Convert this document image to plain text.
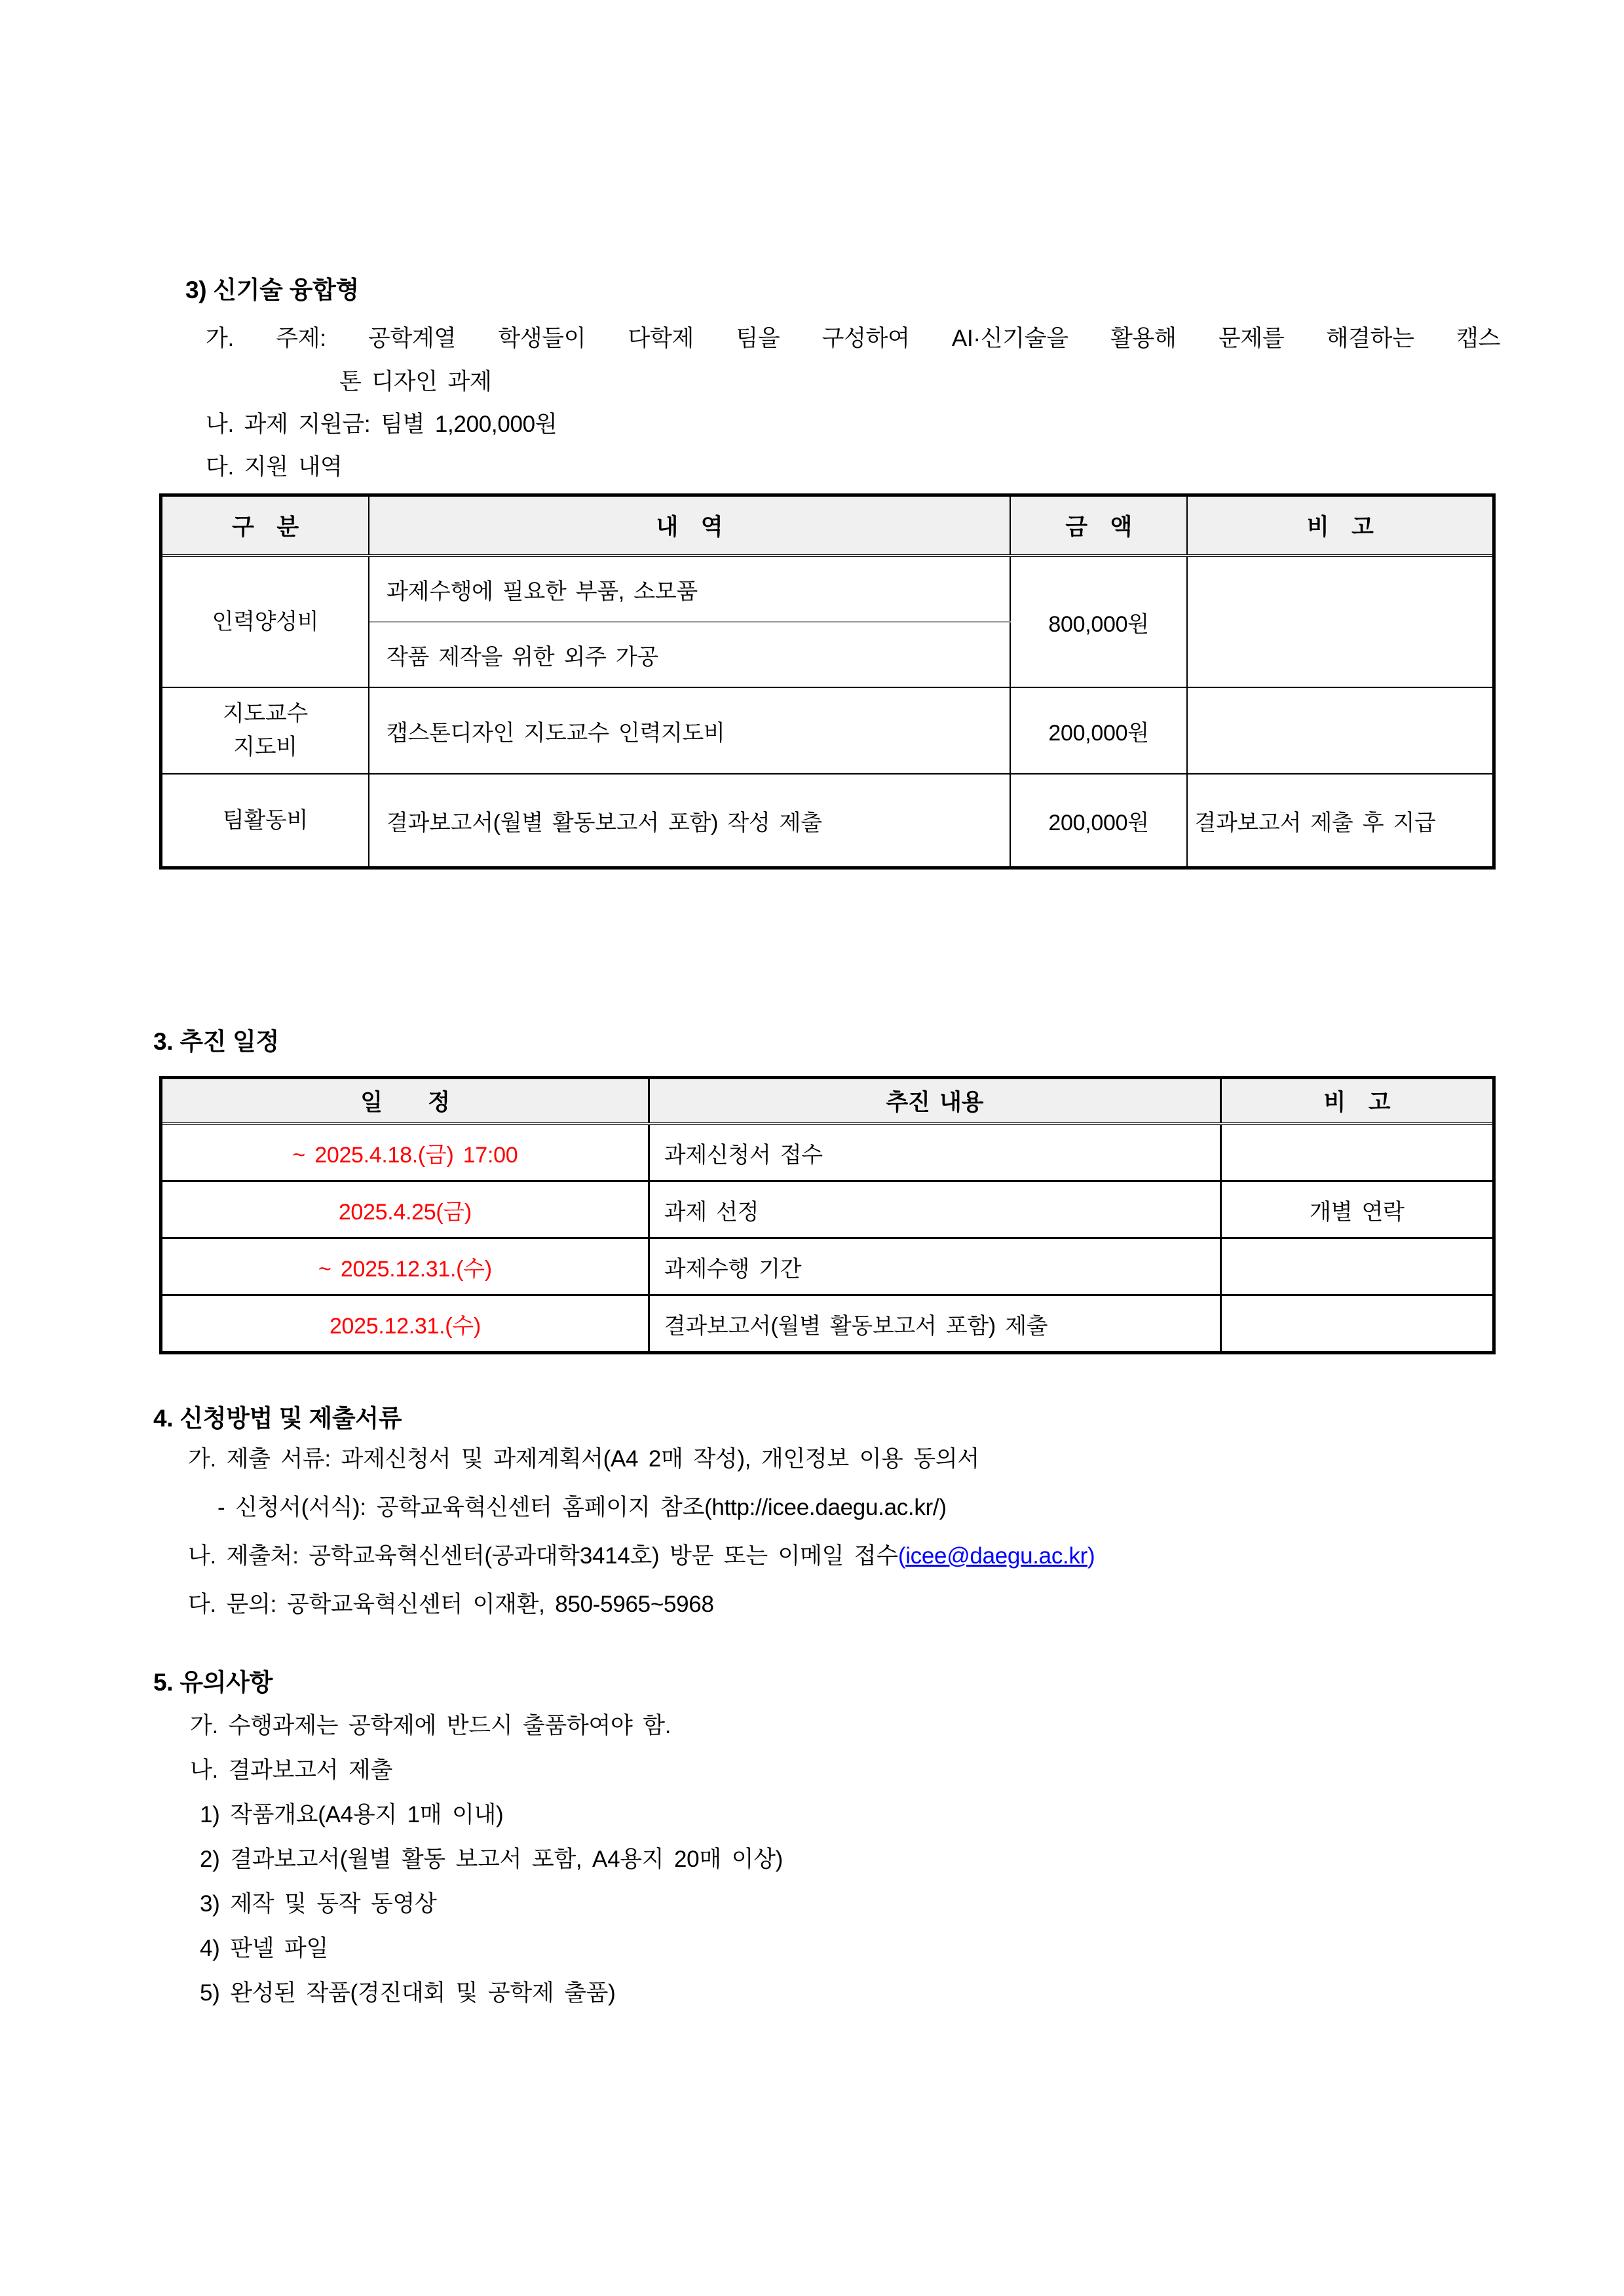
3) 신기술 융합형
가. 주제: 공학계열 학생들이 다학제 팀을 구성하여 AI·신기술을 활용해 문제를 해결하는 캡스
톤 디자인 과제
나. 과제 지원금: 팀별 1,200,000원
다. 지원 내역
구　분	내　역	금　액	비　고
인력양성비	과제수행에 필요한 부품, 소모품	800,000원	
	작품 제작을 위한 외주 가공		
지도교수
지도비	캡스톤디자인 지도교수 인력지도비	200,000원	
팀활동비	결과보고서(월별 활동보고서 포함) 작성 제출	200,000원	결과보고서 제출 후 지급
3. 추진 일정
일　　정	추진 내용	비　고
~ 2025.4.18.(금) 17:00	과제신청서 접수	
2025.4.25(금)	과제 선정	개별 연락
~ 2025.12.31.(수)	과제수행 기간	
2025.12.31.(수)	결과보고서(월별 활동보고서 포함) 제출	
4. 신청방법 및 제출서류
가. 제출 서류: 과제신청서 및 과제계획서(A4 2매 작성), 개인정보 이용 동의서
- 신청서(서식): 공학교육혁신센터 홈페이지 참조(http://icee.daegu.ac.kr/)
나. 제출처: 공학교육혁신센터(공과대학3414호) 방문 또는 이메일 접수(icee@daegu.ac.kr)
다. 문의: 공학교육혁신센터 이재환, 850-5965~5968
5. 유의사항
가. 수행과제는 공학제에 반드시 출품하여야 함.
나. 결과보고서 제출
1) 작품개요(A4용지 1매 이내)
2) 결과보고서(월별 활동 보고서 포함, A4용지 20매 이상)
3) 제작 및 동작 동영상
4) 판넬 파일
5) 완성된 작품(경진대회 및 공학제 출품)
